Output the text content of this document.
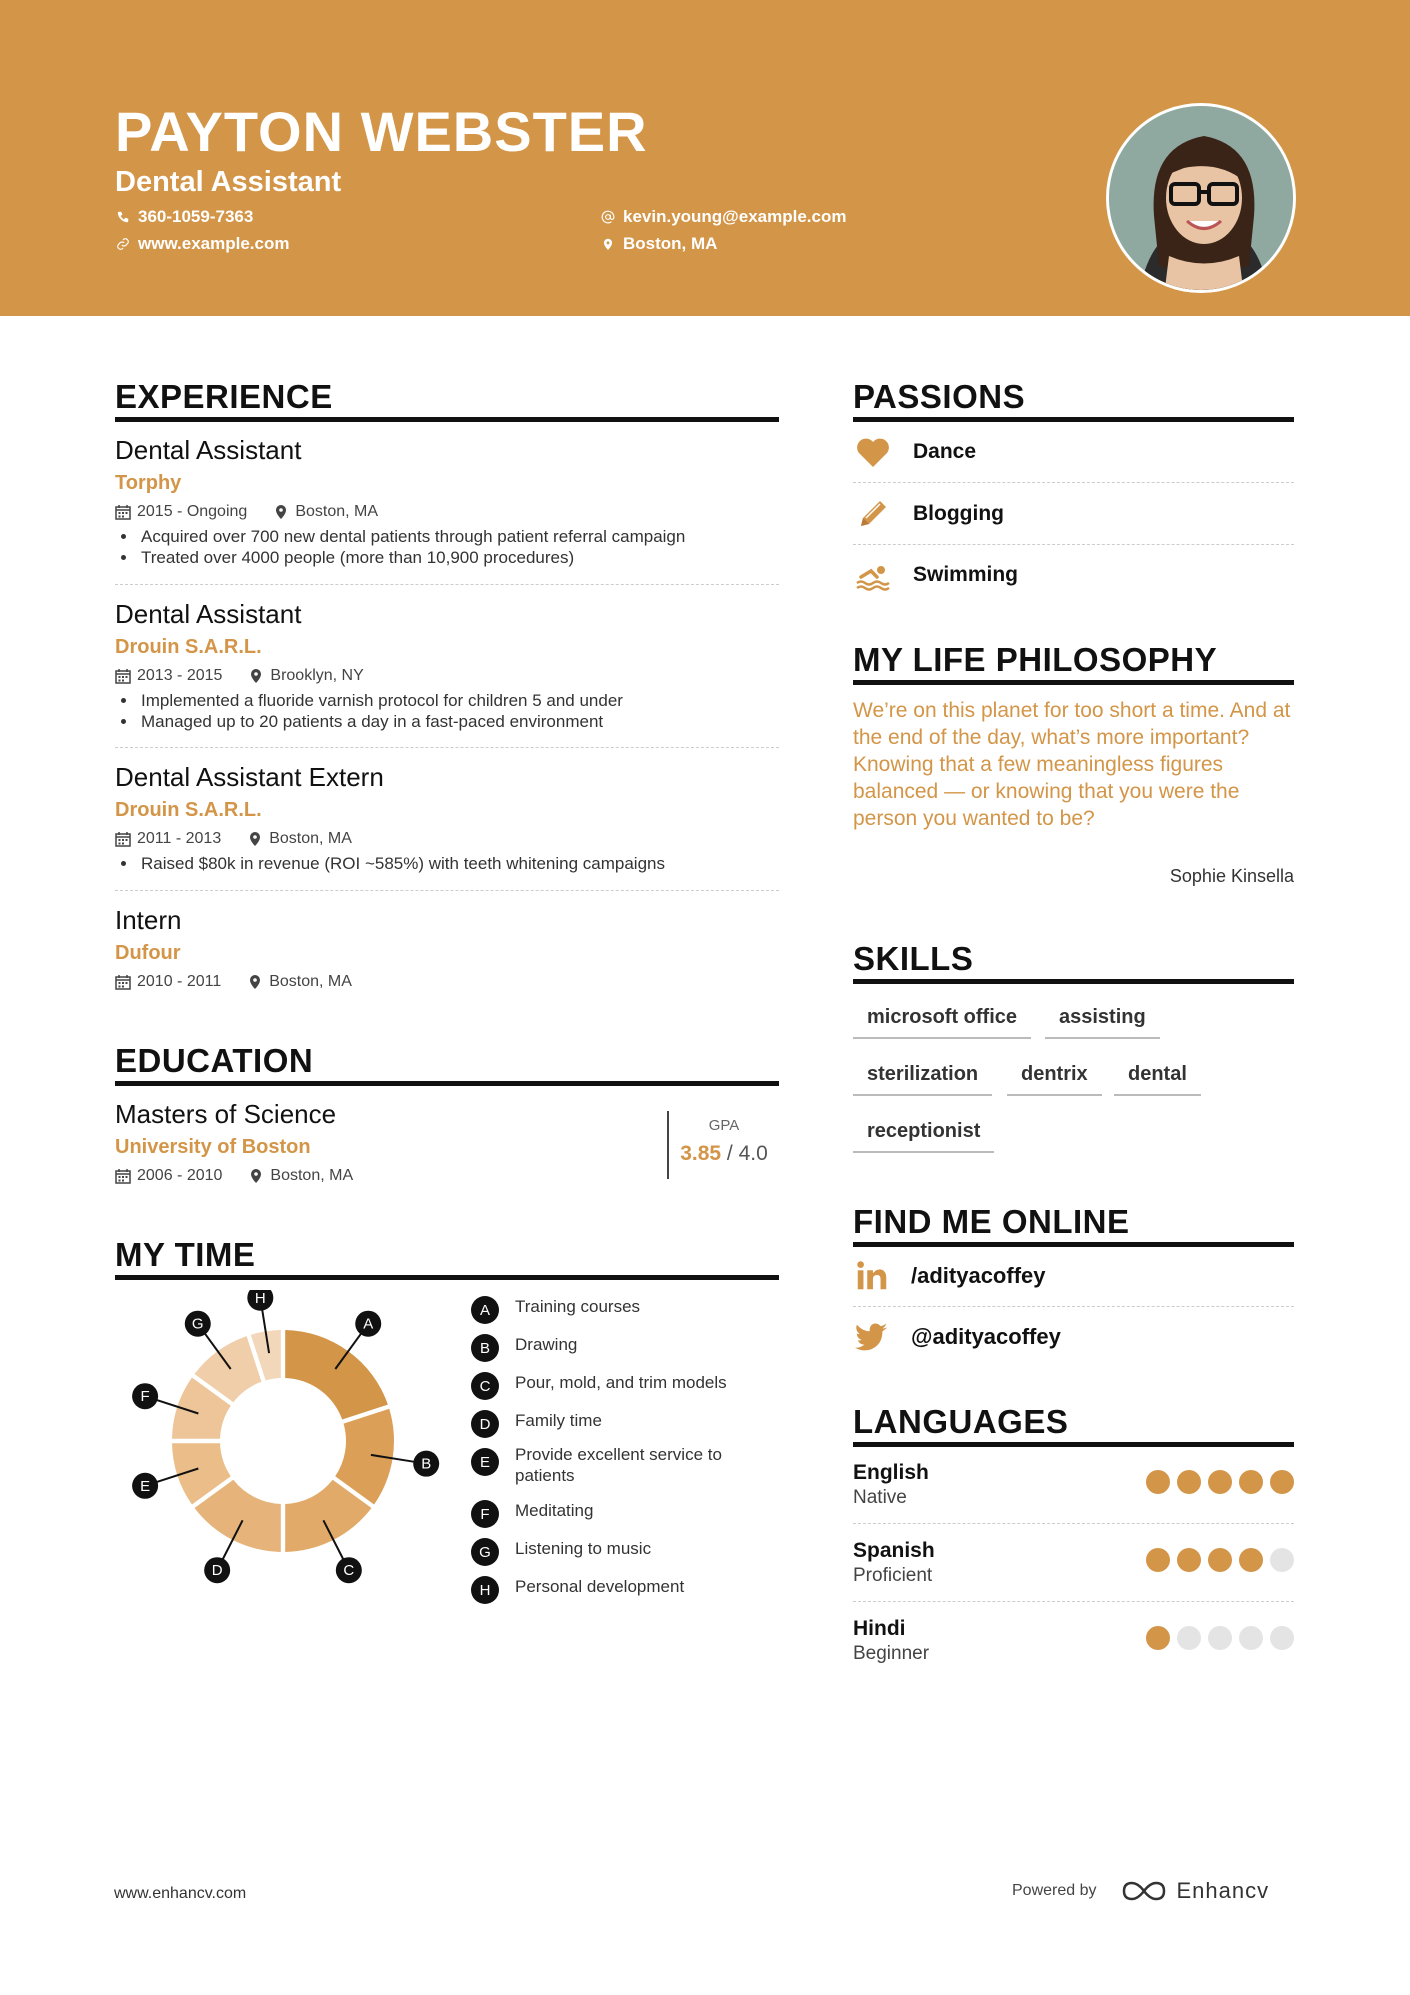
PAYTON WEBSTER
Dental Assistant
360-1059-7363
www.example.com
kevin.young@example.com
Boston, MA
EXPERIENCE
Dental Assistant
Torphy
2015 - Ongoing	Boston, MA
Acquired over 700 new dental patients through patient referral campaign
Treated over 4000 people (more than 10,900 procedures)
Dental Assistant
Drouin S.A.R.L.
2013 - 2015	Brooklyn, NY
Implemented a fluoride varnish protocol for children 5 and under
Managed up to 20 patients a day in a fast-paced environment
Dental Assistant Extern
Drouin S.A.R.L.
2011 - 2013	Boston, MA
Raised $80k in revenue (ROI ~585%) with teeth whitening campaigns
Intern
Dufour
2010 - 2011	Boston, MA
EDUCATION
Masters of Science
University of Boston
2006 - 2010	Boston, MA
GPA
3.85 / 4.0
MY TIME
A
B
C
D
E
F
G
H
A	Training courses
B	Drawing
C	Pour, mold, and trim models
D	Family time
E	Provide excellent service to patients
F	Meditating
G	Listening to music
H	Personal development
PASSIONS
Dance
Blogging
Swimming
MY LIFE PHILOSOPHY
We’re on this planet for too short a time. And at the end of the day, what’s more important? Knowing that a few meaningless figures balanced — or knowing that you were the person you wanted to be?
Sophie Kinsella
SKILLS
microsoft office	assisting
sterilization	dentrix	dental
receptionist
FIND ME ONLINE
/adityacoffey
@adityacoffey
LANGUAGES
English
Native
Spanish
Proficient
Hindi
Beginner
www.enhancv.com	Powered by	Enhancv
